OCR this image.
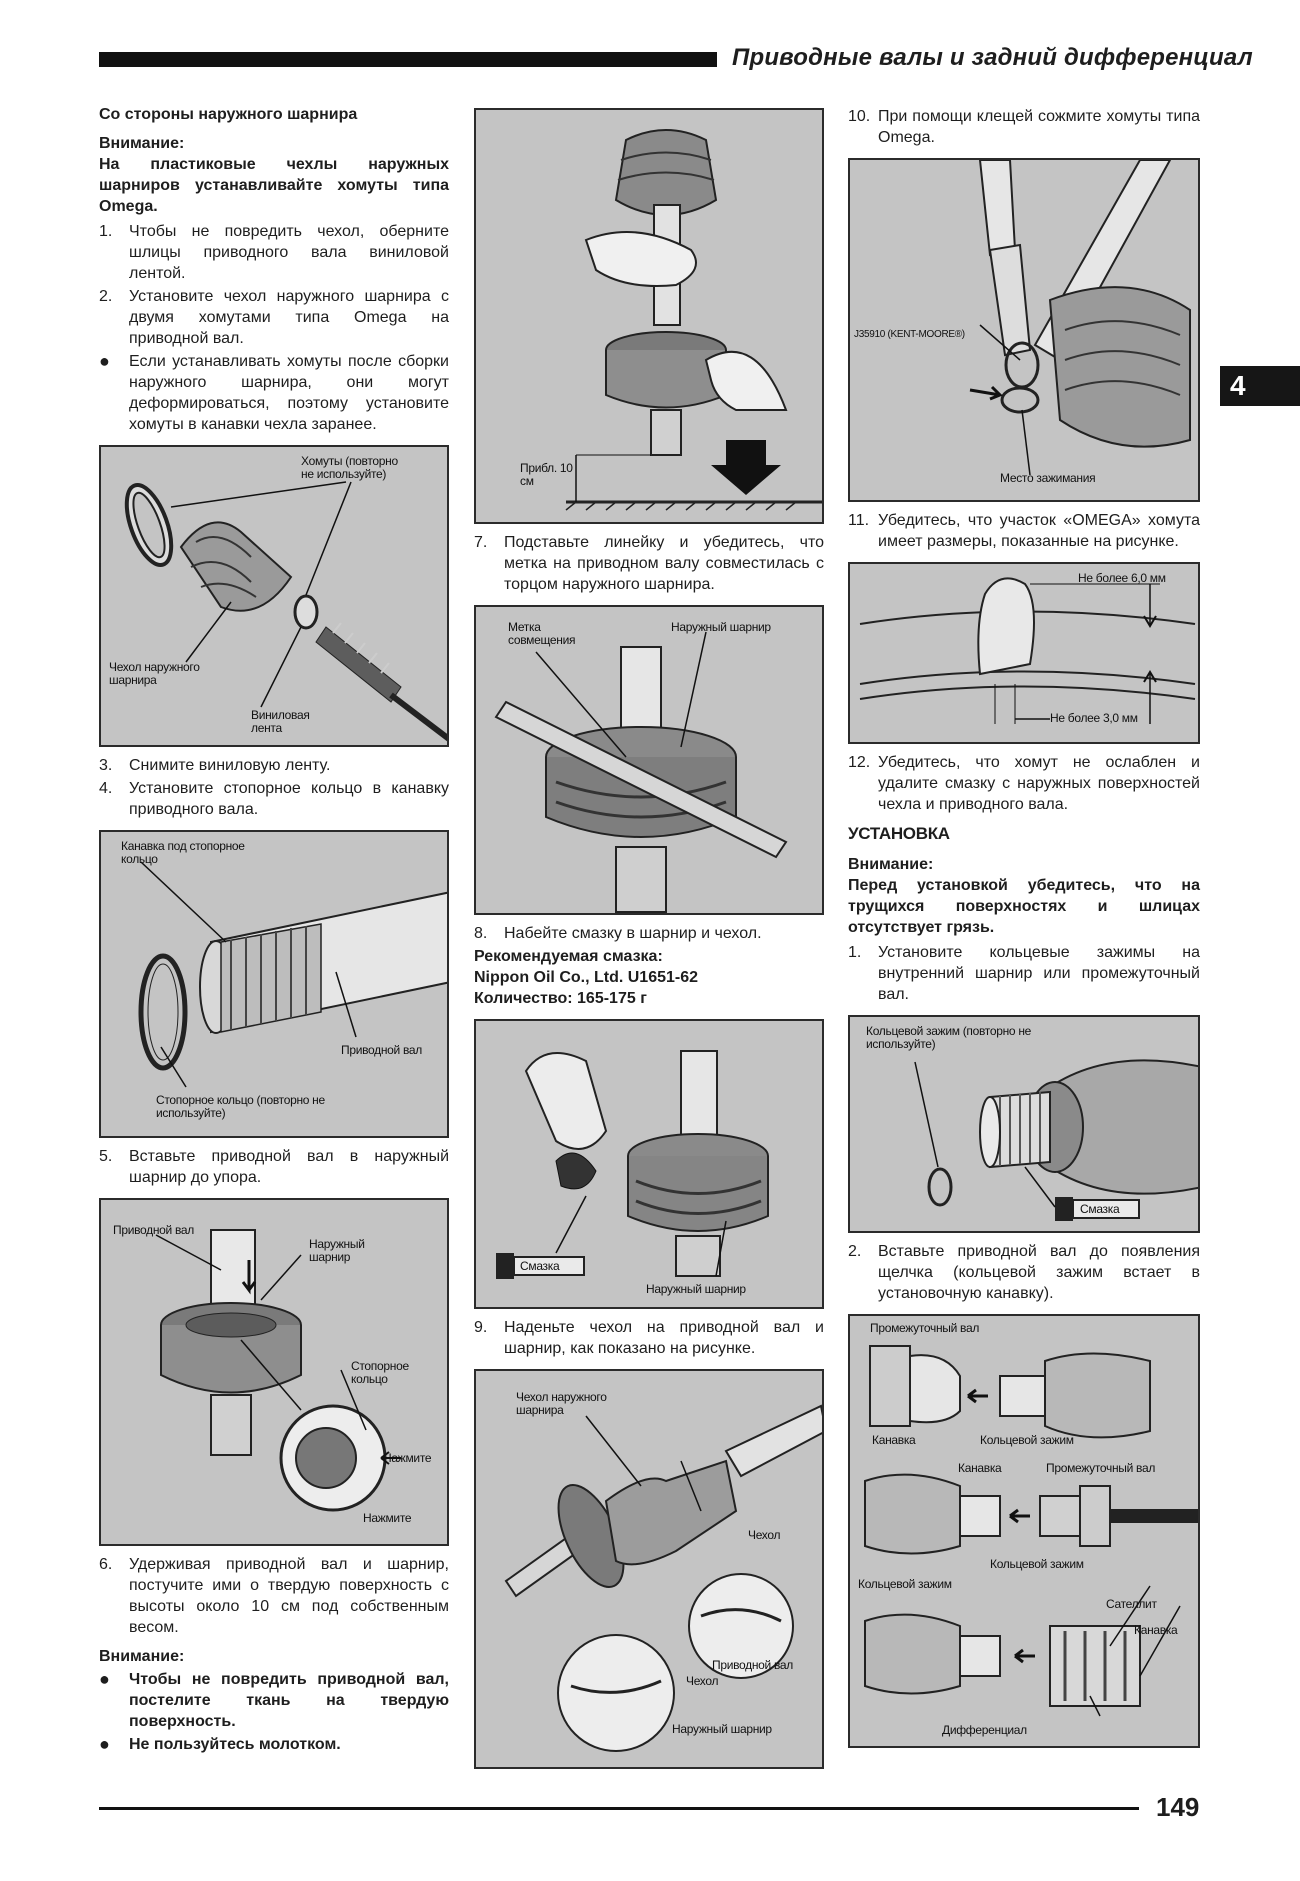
Приводные валы и задний дифференциал
4

Со стороны наружного шарнира

Внимание:

На пластиковые чехлы наружных шарниров устанавливайте хомуты типа Omega.

1.	Чтобы не повредить чехол, оберните шлицы приводного вала виниловой лентой.
2.	Установите чехол наружного шарнира с двумя хомутами типа Omega на приводной вал.
●	Если устанавливать хомуты после сборки наружного шарнира, они могут деформироваться, поэтому установите хомуты в канавки чехла заранее.
Хомуты (повторно не используйте)
Чехол наружного шарнира
Виниловая лента
3.	Снимите виниловую ленту.
4.	Установите стопорное кольцо в канавку приводного вала.
Канавка под стопорное кольцо
Приводной вал
Стопорное кольцо (повторно не используйте)
5.	Вставьте приводной вал в наружный шарнир до упора.
Приводной вал
Наружный шарнир
Стопорное кольцо
Нажмите
Нажмите
6.	Удерживая приводной вал и шарнир, постучите ими о твердую поверхность с высоты около 10 см под собственным весом.

Внимание:

●	Чтобы не повредить приводной вал, постелите ткань на твердую поверхность.
●	Не пользуйтесь молотком.
Прибл. 10 см
7.	Подставьте линейку и убедитесь, что метка на приводном валу совместилась с торцом наружного шарнира.
Метка совмещения
Наружный шарнир
8.	Набейте смазку в шарнир и чехол.

Рекомендуемая смазка:

Nippon Oil Co., Ltd. U1651-62

Количество: 165-175 г

Смазка
Наружный шарнир
9.	Наденьте чехол на приводной вал и шарнир, как показано на рисунке.
Чехол наружного шарнира
Чехол
Приводной вал
Чехол
Наружный шарнир
10. При помощи клещей сожмите хомуты типа Omega.
J35910 (KENT-MOORE®)
Место зажимания
11. Убедитесь, что участок «OMEGA» хомута имеет размеры, показанные на рисунке.
Не более 6,0 мм
Не более 3,0 мм
12. Убедитесь, что хомут не ослаблен и удалите смазку с наружных поверхностей чехла и приводного вала.

УСТАНОВКА

Внимание:

Перед установкой убедитесь, что на трущихся поверхностях и шлицах отсутствует грязь.

1.	Установите кольцевые зажимы на внутренний шарнир или промежуточный вал.
Кольцевой зажим (повторно не используйте)
Смазка
2.	Вставьте приводной вал до появления щелчка (кольцевой зажим встает в установочную канавку).
Промежуточный вал
Канавка	Кольцевой зажим
Канавка	Промежуточный вал
Кольцевой зажим
Кольцевой зажим
Сателлит
Канавка
Дифференциал
149
